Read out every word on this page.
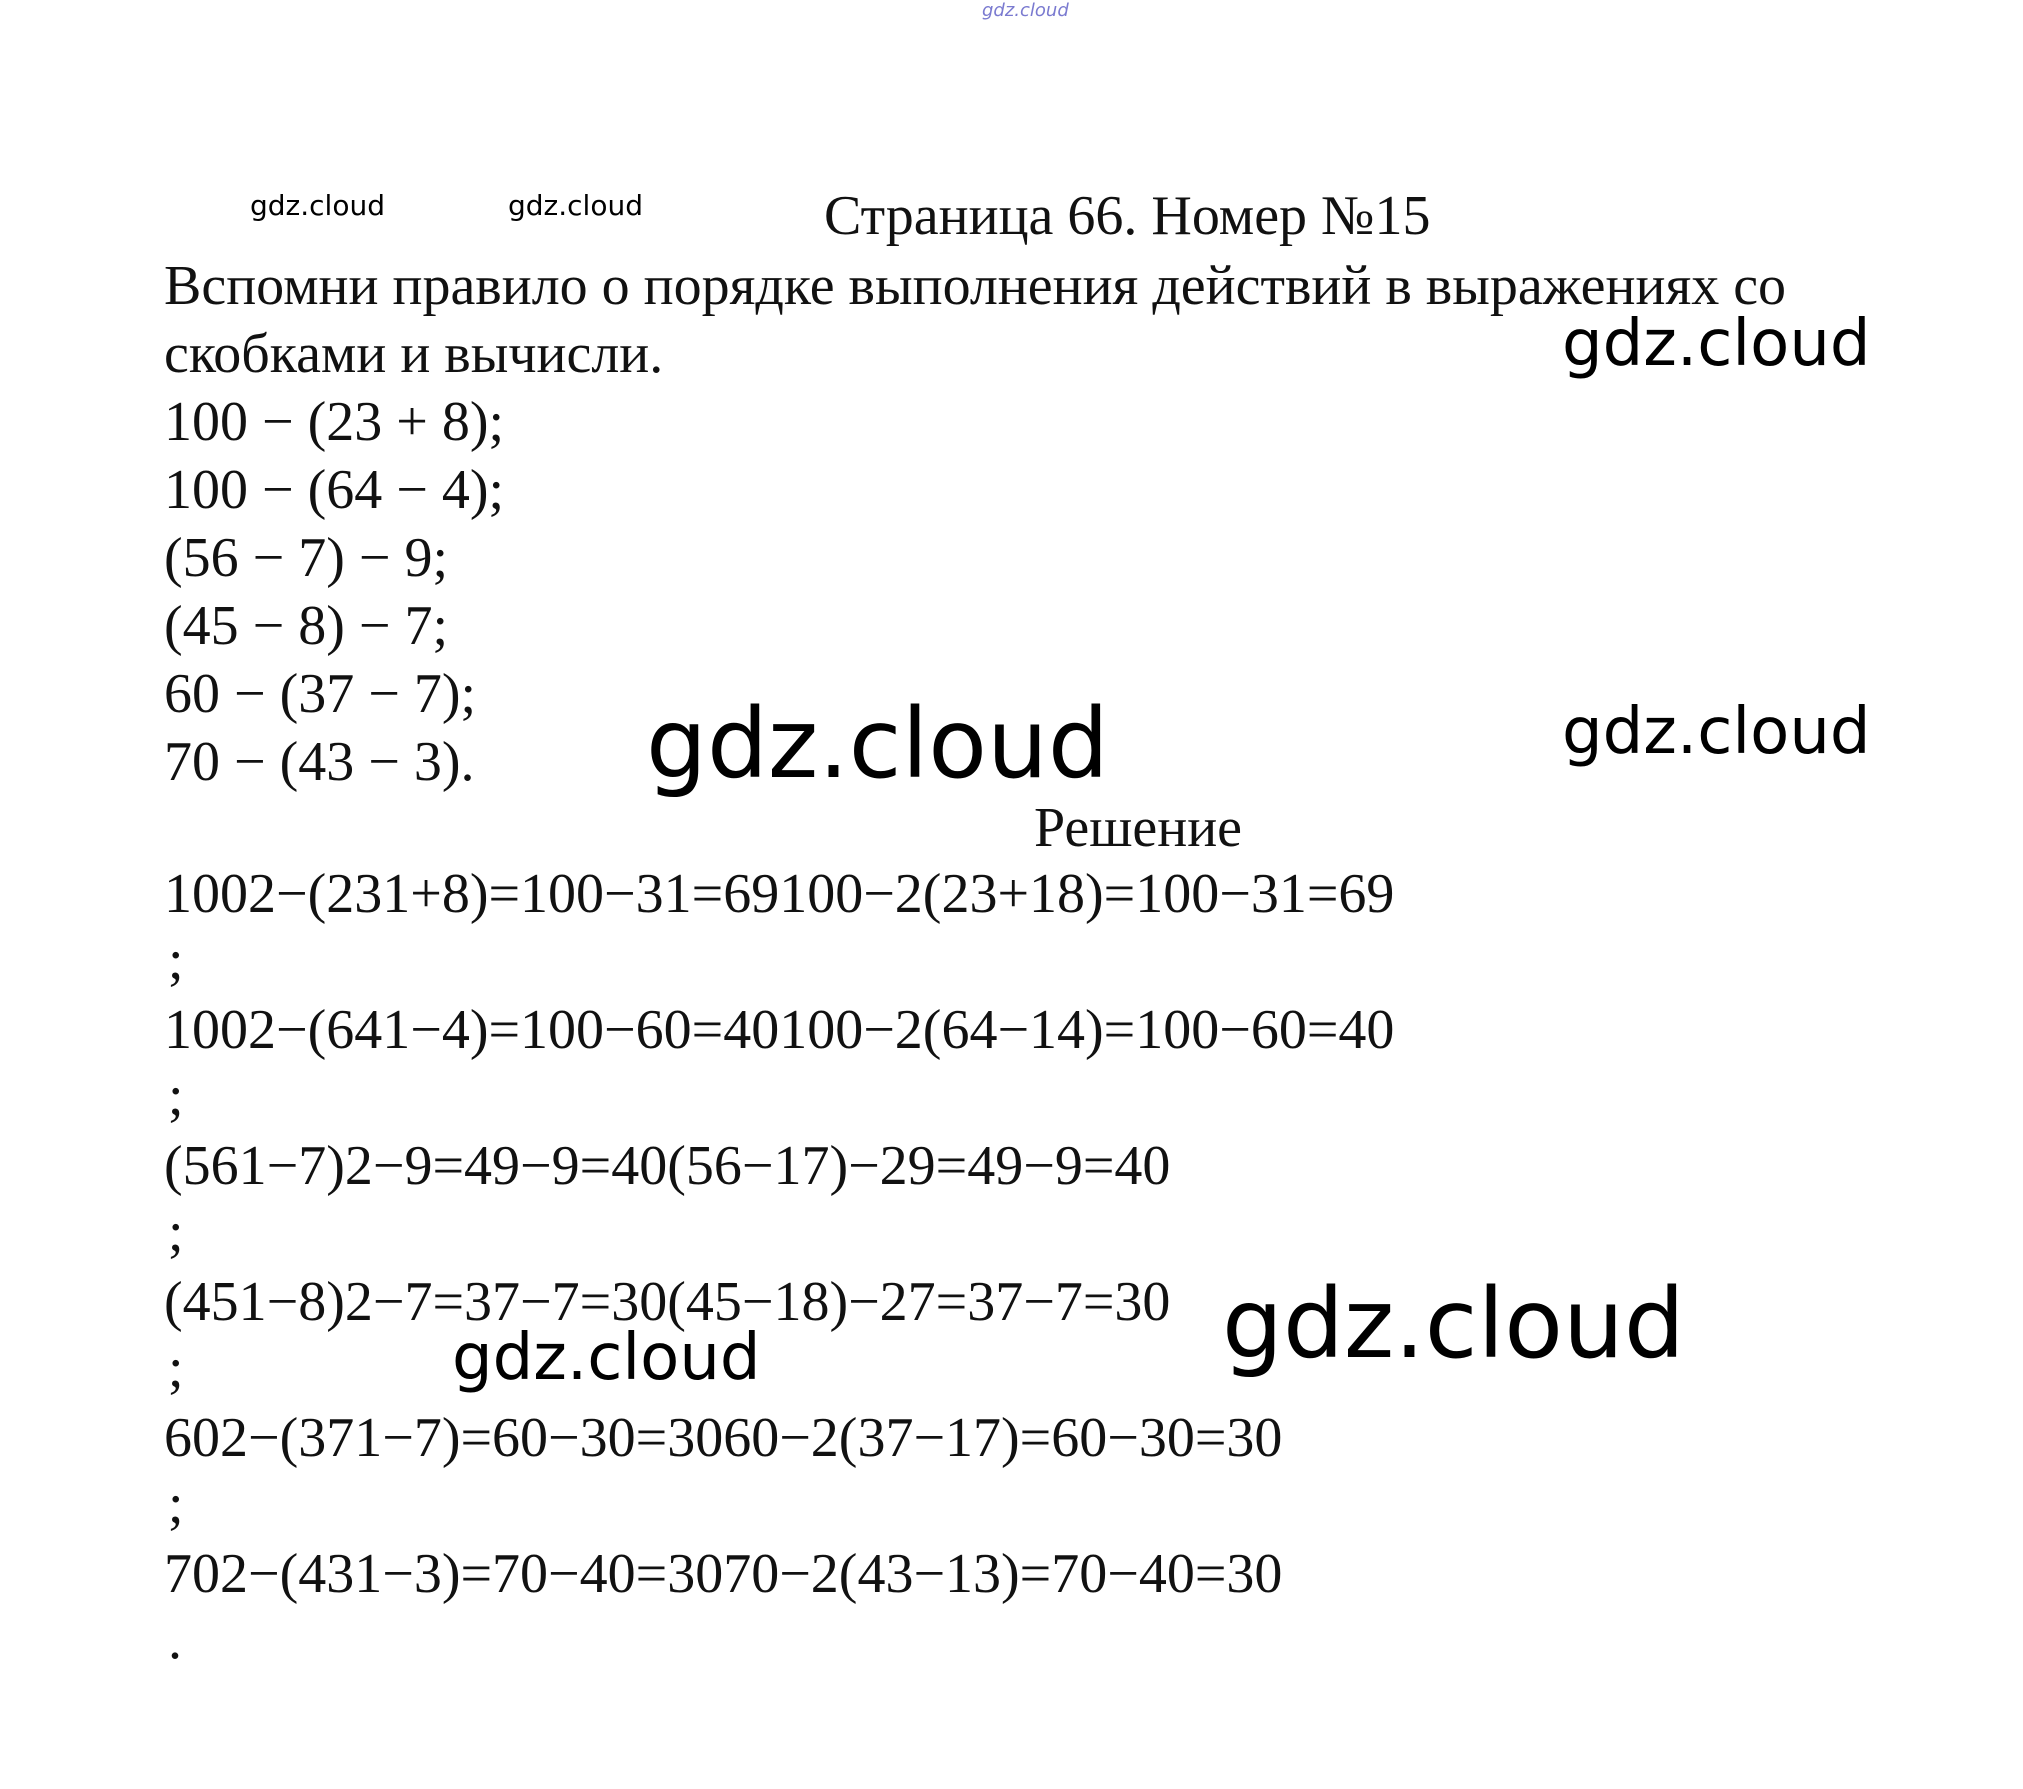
gdz.cloud
gdz.cloud	gdz.cloud
gdz.cloud
gdz.cloud	gdz.cloud
gdz.cloud	gdz.cloud
Страница 66. Номер №15
Вспомни правило о порядке выполнения действий в выражениях со
скобками и вычисли.
100 − (23 + 8);
100 − (64 − 4);
(56 − 7) − 9;
(45 − 8) − 7;
60 − (37 − 7);
70 − (43 − 3).
Решение
1002−(231+8)=100−31=69100−2(23+18)=100−31=69
;
1002−(641−4)=100−60=40100−2(64−14)=100−60=40
;
(561−7)2−9=49−9=40(56−17)−29=49−9=40
;
(451−8)2−7=37−7=30(45−18)−27=37−7=30
;
602−(371−7)=60−30=3060−2(37−17)=60−30=30
;
702−(431−3)=70−40=3070−2(43−13)=70−40=30
.
